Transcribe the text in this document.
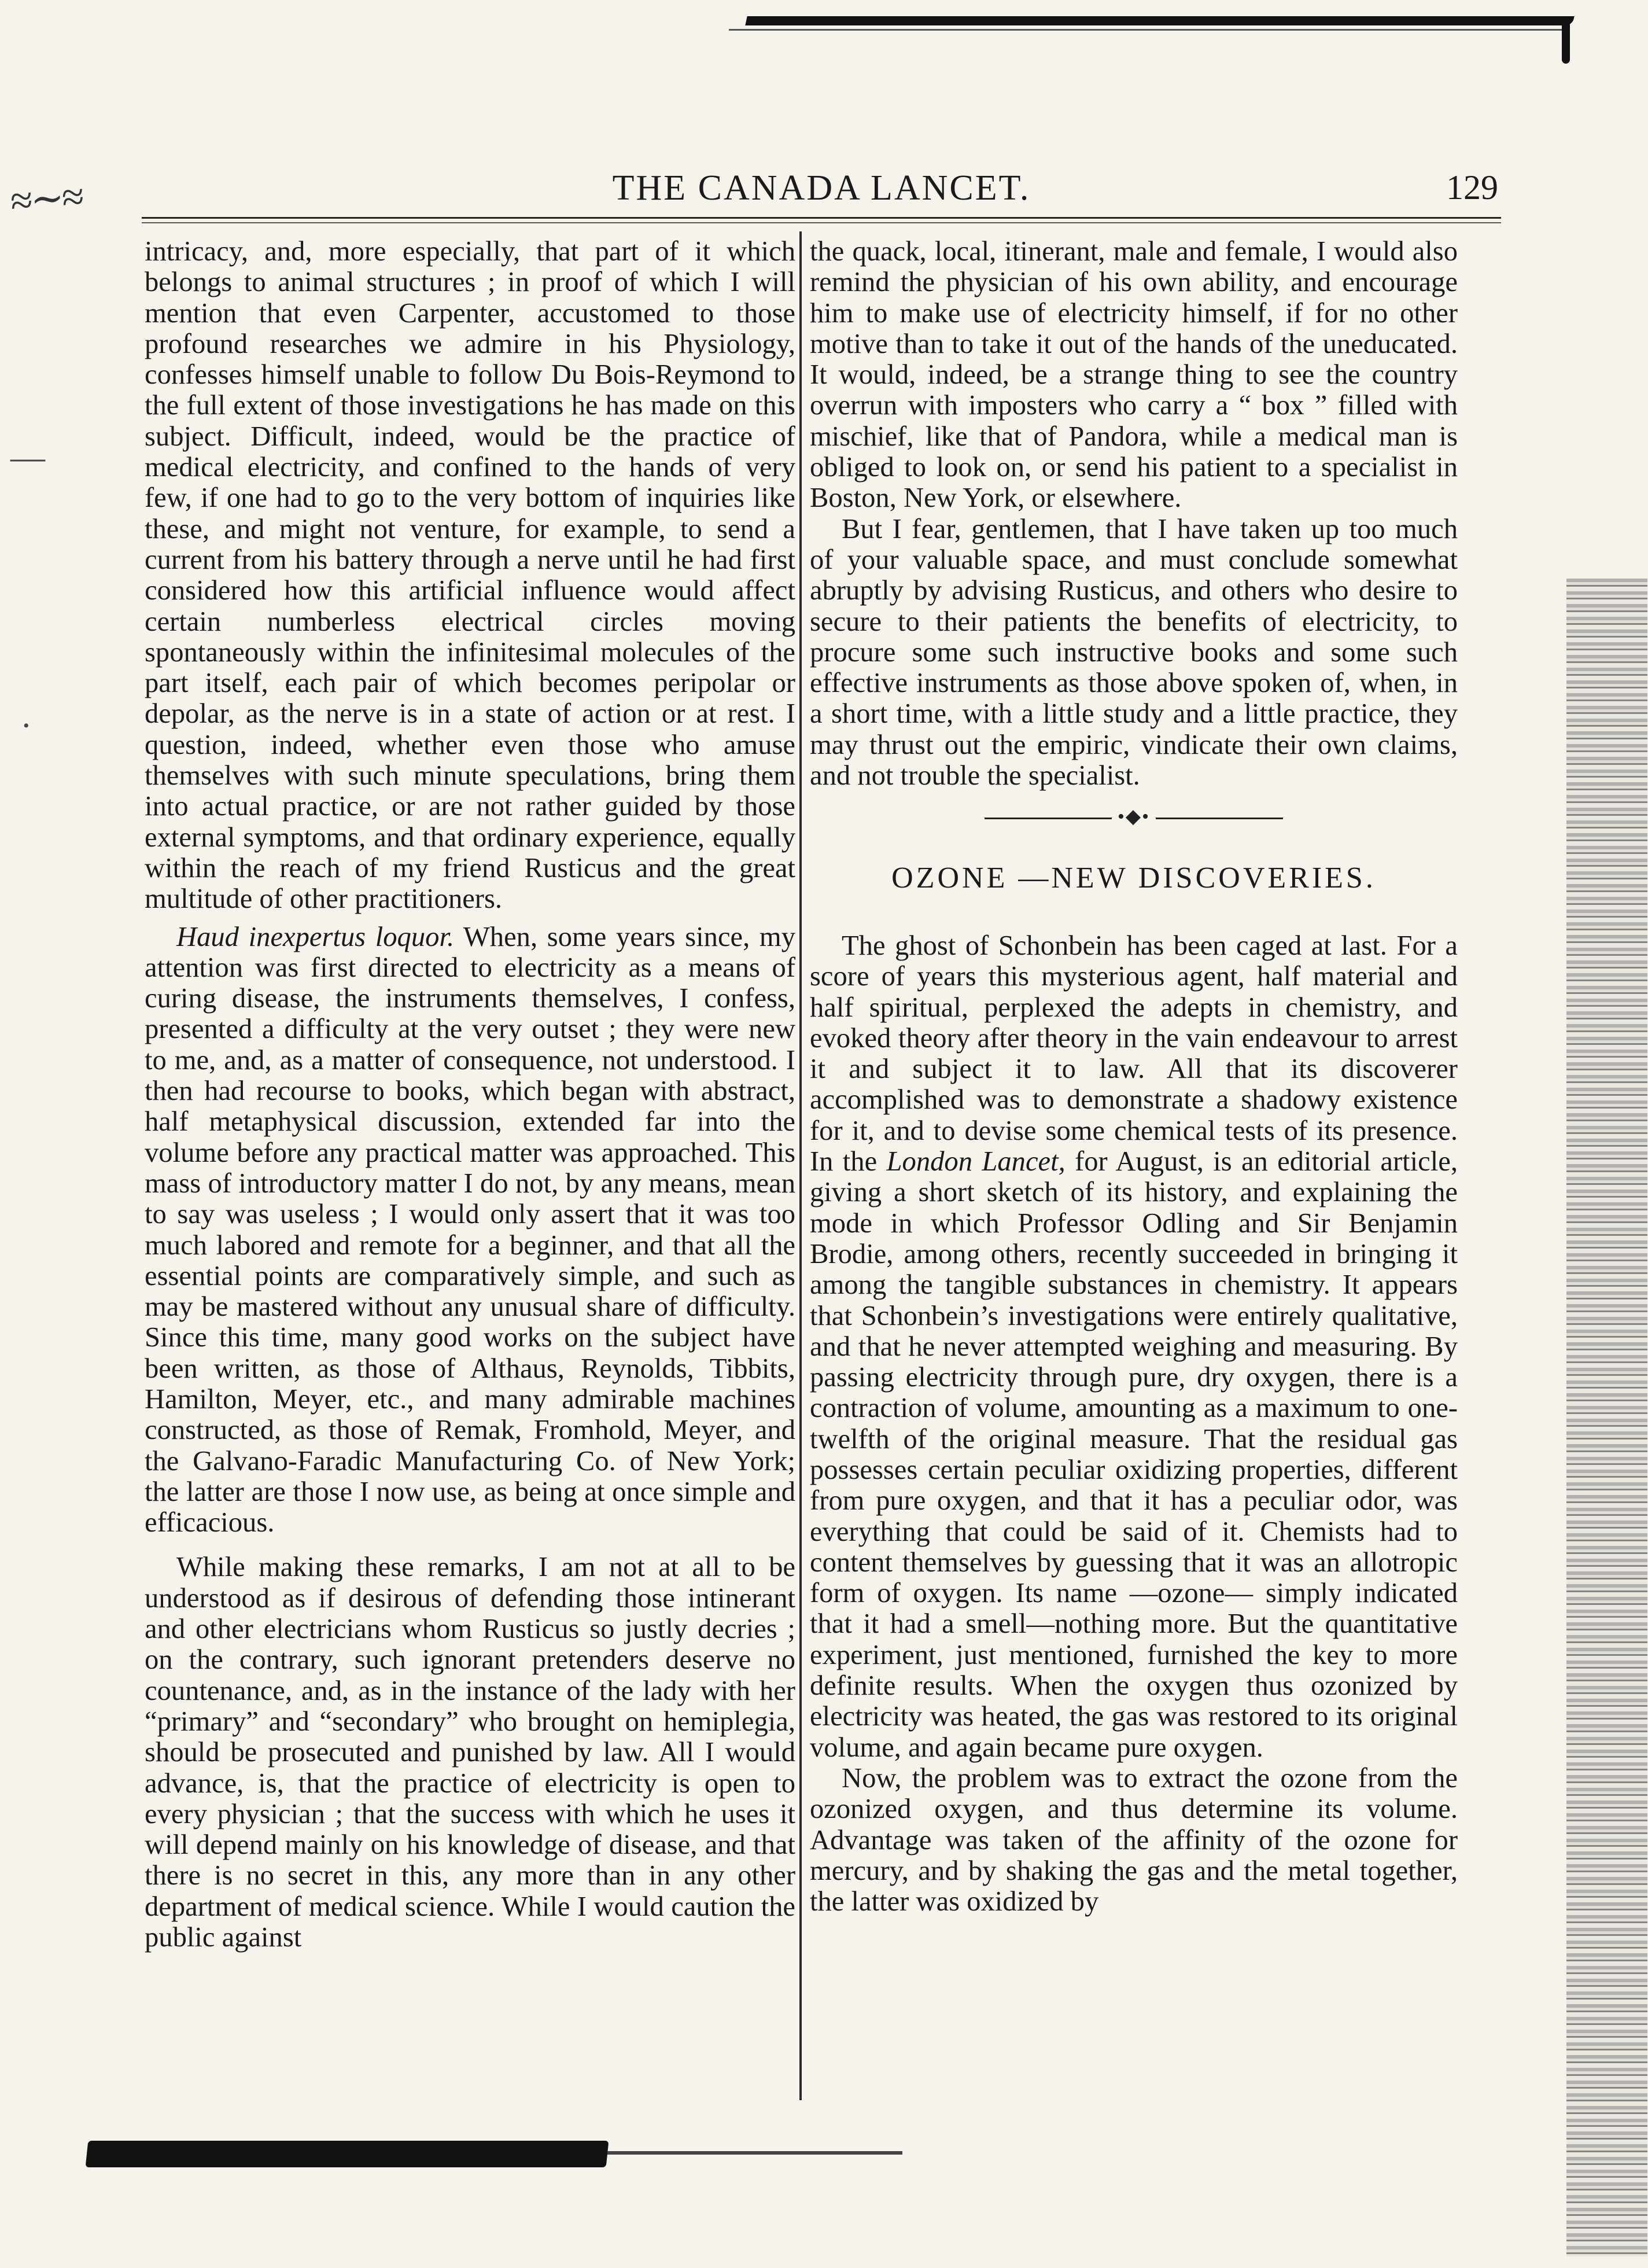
≈∼≈
—
•
THE CANADA LANCET.	129

intricacy, and, more especially, that part of it which belongs to animal structures ; in proof of which I will mention that even Carpenter, accustomed to those profound researches we admire in his Physiology, confesses himself unable to follow Du Bois-Reymond to the full extent of those investigations he has made on this subject. Difficult, indeed, would be the practice of medical electricity, and confined to the hands of very few, if one had to go to the very bottom of inquiries like these, and might not venture, for example, to send a current from his battery through a nerve until he had first considered how this artificial influence would affect certain numberless electrical circles moving spontaneously within the infinitesimal molecules of the part itself, each pair of which becomes peripolar or depolar, as the nerve is in a state of action or at rest. I question, indeed, whether even those who amuse themselves with such minute speculations, bring them into actual practice, or are not rather guided by those external symptoms, and that ordinary experience, equally within the reach of my friend Rusticus and the great multitude of other practitioners.

Haud inexpertus loquor. When, some years since, my attention was first directed to electricity as a means of curing disease, the instruments themselves, I confess, presented a difficulty at the very outset ; they were new to me, and, as a matter of consequence, not understood. I then had recourse to books, which began with abstract, half metaphysical discussion, extended far into the volume before any practical matter was approached. This mass of introductory matter I do not, by any means, mean to say was useless ; I would only assert that it was too much labored and remote for a beginner, and that all the essential points are comparatively simple, and such as may be mastered without any unusual share of difficulty. Since this time, many good works on the subject have been written, as those of Althaus, Reynolds, Tibbits, Hamilton, Meyer, etc., and many admirable machines constructed, as those of Remak, Fromhold, Meyer, and the Galvano-Faradic Manufacturing Co. of New York; the latter are those I now use, as being at once simple and efficacious.

While making these remarks, I am not at all to be understood as if desirous of defending those intinerant and other electricians whom Rusticus so justly decries ; on the contrary, such ignorant pretenders deserve no countenance, and, as in the instance of the lady with her “primary” and “secondary” who brought on hemiplegia, should be prosecuted and punished by law. All I would advance, is, that the practice of electricity is open to every physician ; that the success with which he uses it will depend mainly on his knowledge of disease, and that there is no secret in this, any more than in any other department of medical science. While I would caution the public against

the quack, local, itinerant, male and female, I would also remind the physician of his own ability, and encourage him to make use of electricity himself, if for no other motive than to take it out of the hands of the uneducated. It would, indeed, be a strange thing to see the country overrun with imposters who carry a “ box ” filled with mischief, like that of Pandora, while a medical man is obliged to look on, or send his patient to a specialist in Boston, New York, or elsewhere.

But I fear, gentlemen, that I have taken up too much of your valuable space, and must conclude somewhat abruptly by advising Rusticus, and others who desire to secure to their patients the benefits of electricity, to procure some such instructive books and some such effective instruments as those above spoken of, when, in a short time, with a little study and a little practice, they may thrust out the empiric, vindicate their own claims, and not trouble the specialist.

•◆•
OZONE —NEW DISCOVERIES.

The ghost of Schonbein has been caged at last. For a score of years this mysterious agent, half material and half spiritual, perplexed the adepts in chemistry, and evoked theory after theory in the vain endeavour to arrest it and subject it to law. All that its discoverer accomplished was to demonstrate a shadowy existence for it, and to devise some chemical tests of its presence. In the London Lancet, for August, is an editorial article, giving a short sketch of its history, and explaining the mode in which Professor Odling and Sir Benjamin Brodie, among others, recently succeeded in bringing it among the tangible substances in chemistry. It appears that Schonbein’s investigations were entirely qualitative, and that he never attempted weighing and measuring. By passing electricity through pure, dry oxygen, there is a contraction of volume, amounting as a maximum to one-twelfth of the original measure. That the residual gas possesses certain peculiar oxidizing properties, different from pure oxygen, and that it has a peculiar odor, was everything that could be said of it. Chemists had to content themselves by guessing that it was an allotropic form of oxygen. Its name —ozone— simply indicated that it had a smell—nothing more. But the quantitative experiment, just mentioned, furnished the key to more definite results. When the oxygen thus ozonized by electricity was heated, the gas was restored to its original volume, and again became pure oxygen.

Now, the problem was to extract the ozone from the ozonized oxygen, and thus determine its volume. Advantage was taken of the affinity of the ozone for mercury, and by shaking the gas and the metal together, the latter was oxidized by
